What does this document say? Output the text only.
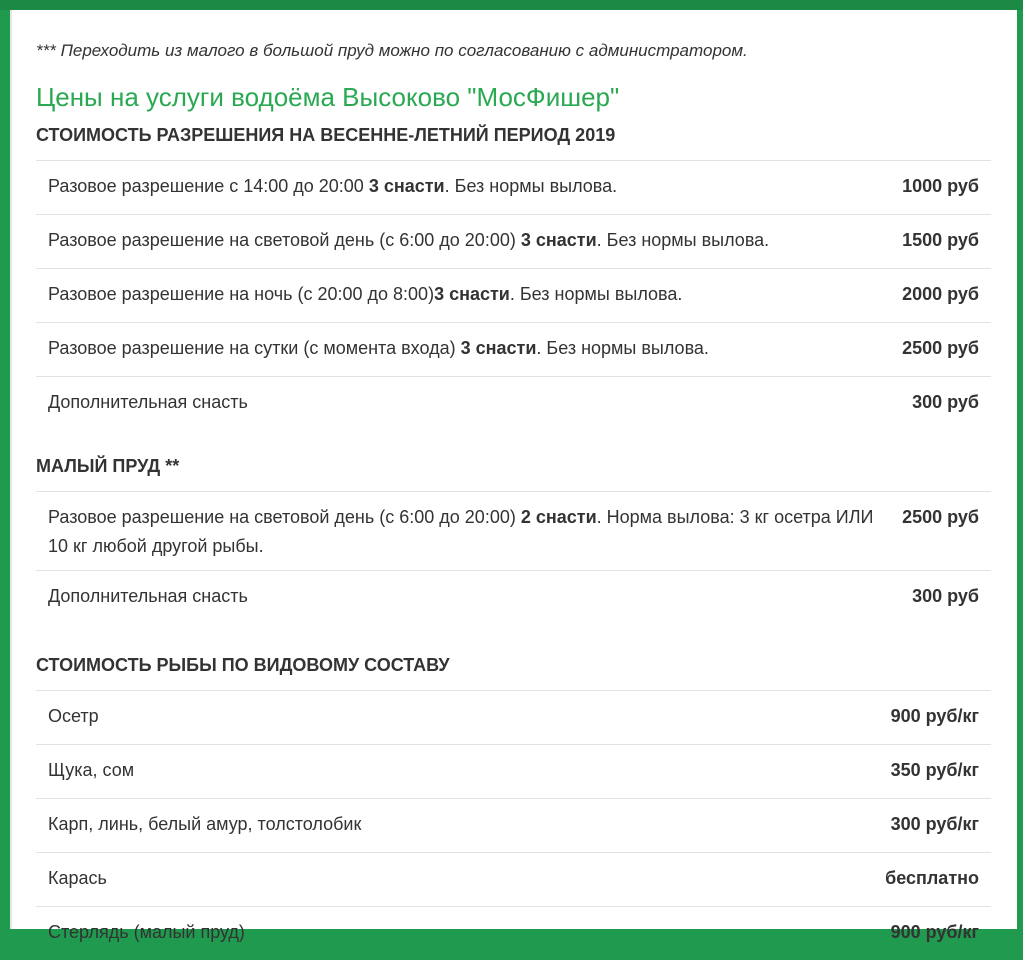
*** Переходить из малого в большой пруд можно по согласованию с администратором.
Цены на услуги водоёма Высоково "МосФишер"
СТОИМОСТЬ РАЗРЕШЕНИЯ НА ВЕСЕННЕ-ЛЕТНИЙ ПЕРИОД 2019
Разовое разрешение с 14:00 до 20:00 3 снасти. Без нормы вылова.	1000 руб
Разовое разрешение на световой день (с 6:00 до 20:00) 3 снасти. Без нормы вылова.	1500 руб
Разовое разрешение на ночь (с 20:00 до 8:00)3 снасти. Без нормы вылова.	2000 руб
Разовое разрешение на сутки (с момента входа) 3 снасти. Без нормы вылова.	2500 руб
Дополнительная снасть	300 руб
МАЛЫЙ ПРУД **
Разовое разрешение на световой день (с 6:00 до 20:00) 2 снасти. Норма вылова: 3 кг осетра ИЛИ 10 кг любой другой рыбы.	2500 руб
Дополнительная снасть	300 руб
СТОИМОСТЬ РЫБЫ ПО ВИДОВОМУ СОСТАВУ
Осетр	900 руб/кг
Щука, сом	350 руб/кг
Карп, линь, белый амур, толстолобик	300 руб/кг
Карась	бесплатно
Стерлядь (малый пруд)	900 руб/кг
